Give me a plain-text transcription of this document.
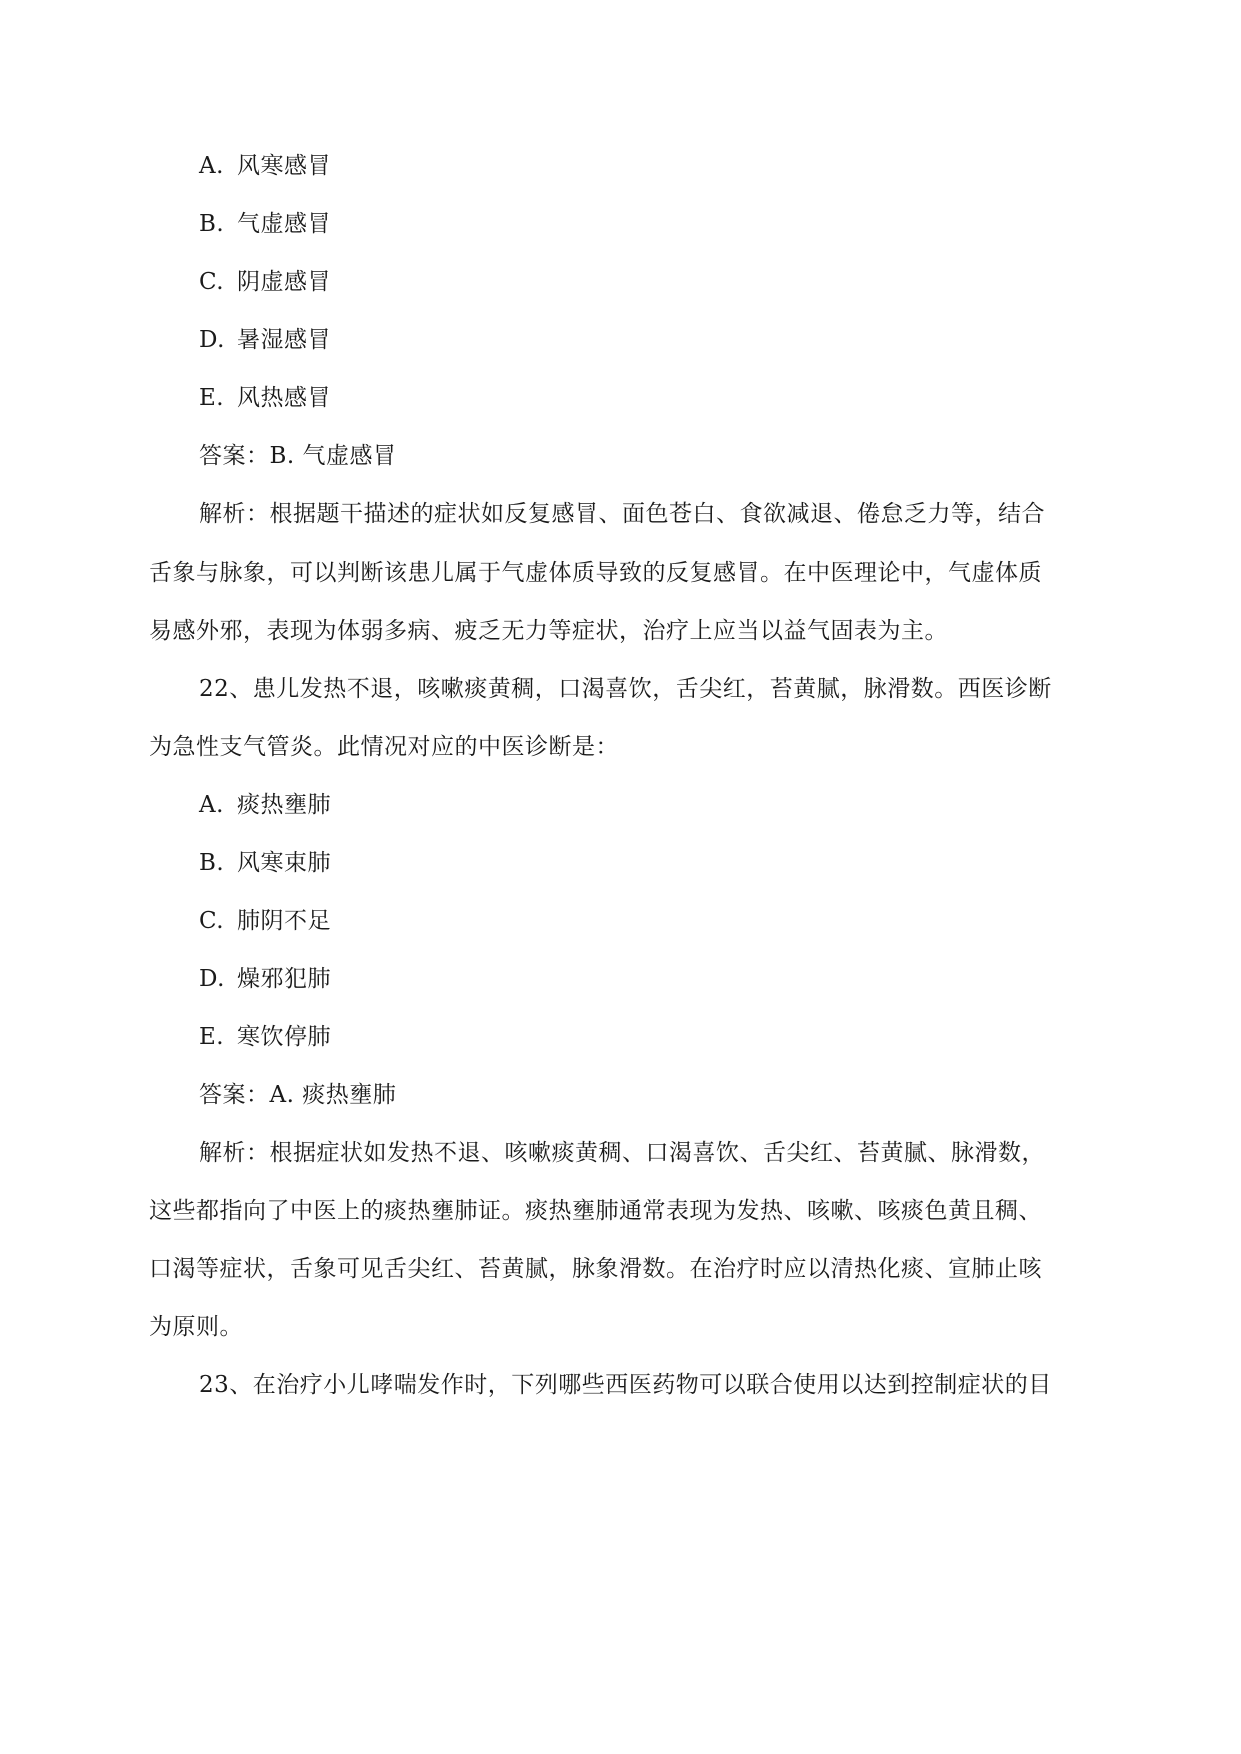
A. 风寒感冒
B. 气虚感冒
C. 阴虚感冒
D. 暑湿感冒
E. 风热感冒
答案：B. 气虚感冒
解析：根据题干描述的症状如反复感冒、面色苍白、食欲减退、倦怠乏力等，结合
舌象与脉象，可以判断该患儿属于气虚体质导致的反复感冒。在中医理论中，气虚体质
易感外邪，表现为体弱多病、疲乏无力等症状，治疗上应当以益气固表为主。
22、患儿发热不退，咳嗽痰黄稠，口渴喜饮，舌尖红，苔黄腻，脉滑数。西医诊断
为急性支气管炎。此情况对应的中医诊断是：
A. 痰热壅肺
B. 风寒束肺
C. 肺阴不足
D. 燥邪犯肺
E. 寒饮停肺
答案：A. 痰热壅肺
解析：根据症状如发热不退、咳嗽痰黄稠、口渴喜饮、舌尖红、苔黄腻、脉滑数，
这些都指向了中医上的痰热壅肺证。痰热壅肺通常表现为发热、咳嗽、咳痰色黄且稠、
口渴等症状，舌象可见舌尖红、苔黄腻，脉象滑数。在治疗时应以清热化痰、宣肺止咳
为原则。
23、在治疗小儿哮喘发作时，下列哪些西医药物可以联合使用以达到控制症状的目
